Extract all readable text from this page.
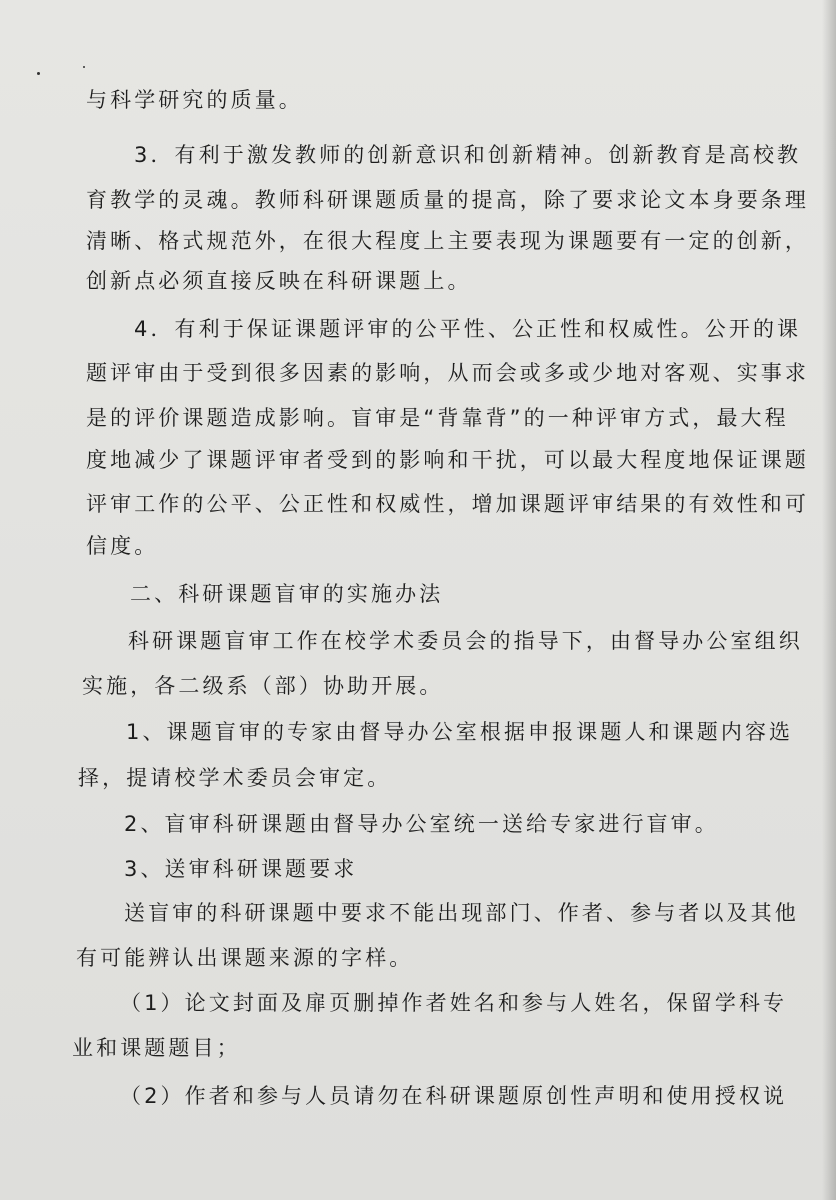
与科学研究的质量。

3．有利于激发教师的创新意识和创新精神。创新教育是高校教

育教学的灵魂。教师科研课题质量的提高，除了要求论文本身要条理

清晰、格式规范外，在很大程度上主要表现为课题要有一定的创新，

创新点必须直接反映在科研课题上。

4．有利于保证课题评审的公平性、公正性和权威性。公开的课

题评审由于受到很多因素的影响，从而会或多或少地对客观、实事求

是的评价课题造成影响。盲审是“背靠背”的一种评审方式，最大程

度地减少了课题评审者受到的影响和干扰，可以最大程度地保证课题

评审工作的公平、公正性和权威性，增加课题评审结果的有效性和可

信度。

二、科研课题盲审的实施办法

科研课题盲审工作在校学术委员会的指导下，由督导办公室组织

实施，各二级系（部）协助开展。

1、课题盲审的专家由督导办公室根据申报课题人和课题内容选

择，提请校学术委员会审定。

2、盲审科研课题由督导办公室统一送给专家进行盲审。

3、送审科研课题要求

送盲审的科研课题中要求不能出现部门、作者、参与者以及其他

有可能辨认出课题来源的字样。

（1）论文封面及扉页删掉作者姓名和参与人姓名，保留学科专

业和课题题目；

（2）作者和参与人员请勿在科研课题原创性声明和使用授权说
